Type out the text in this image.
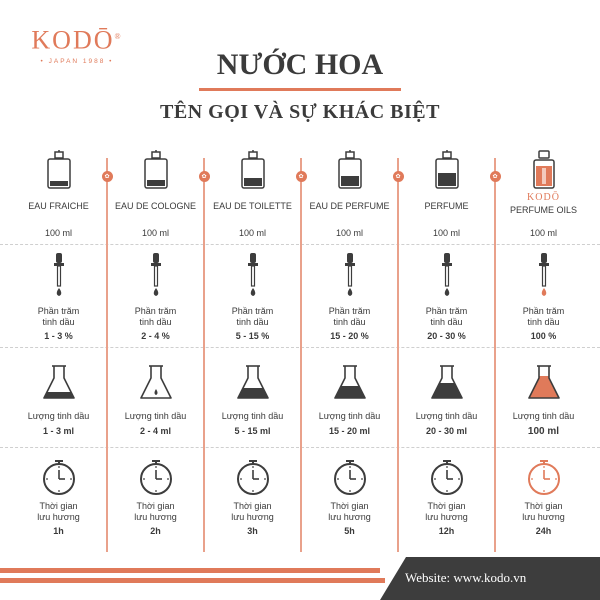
KODŌ®
• JAPAN 1988 •	NƯỚC HOA
TÊN GỌI VÀ SỰ KHÁC BIỆT
EAU FRAICHE
100 ml
Phần trăm
tinh dầu
1 - 3 %
Lượng tinh dầu
1 - 3 ml
Thời gian
lưu hương
1h
✿
EAU DE COLOGNE
100 ml
Phần trăm
tinh dầu
2 - 4 %
Lượng tinh dầu
2 - 4 ml
Thời gian
lưu hương
2h
✿
EAU DE TOILETTE
100 ml
Phần trăm
tinh dầu
5 - 15 %
Lượng tinh dầu
5 - 15 ml
Thời gian
lưu hương
3h
✿
EAU DE PERFUME
100 ml
Phần trăm
tinh dầu
15 - 20 %
Lượng tinh dầu
15 - 20 ml
Thời gian
lưu hương
5h
✿
PERFUME
100 ml
Phần trăm
tinh dầu
20 - 30 %
Lượng tinh dầu
20 - 30 ml
Thời gian
lưu hương
12h
✿
KODŌ
PERFUME OILS
100 ml
Phần trăm
tinh dầu
100 %
Lượng tinh dầu
100 ml
Thời gian
lưu hương
24h
Website: www.kodo.vn
